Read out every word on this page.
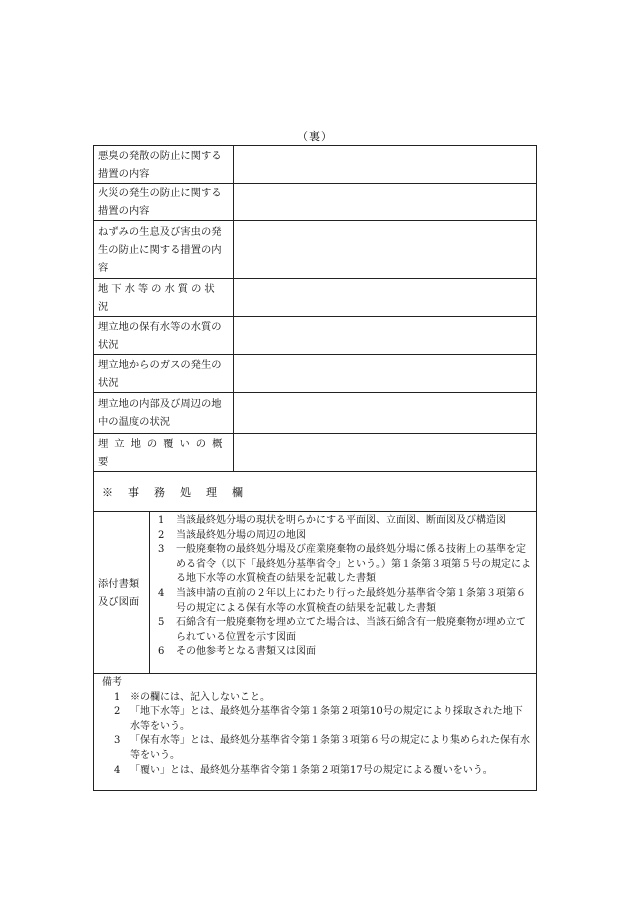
（裏）
悪臭の発散の防止に関する措置の内容
火災の発生の防止に関する措置の内容
ねずみの生息及び害虫の発生の防止に関する措置の内容
地下水等の水質の状況
埋立地の保有水等の水質の状況
埋立地からのガスの発生の状況
埋立地の内部及び周辺の地中の温度の状況
埋立地の覆いの概要
※事務処理欄
添付書類及び図面
1	当該最終処分場の現状を明らかにする平面図、立面図、断面図及び構造図
2	当該最終処分場の周辺の地図
3	一般廃棄物の最終処分場及び産業廃棄物の最終処分場に係る技術上の基準を定める省令（以下「最終処分基準省令」という。）第１条第３項第５号の規定による地下水等の水質検査の結果を記載した書類
4	当該申請の直前の２年以上にわたり行った最終処分基準省令第１条第３項第６号の規定による保有水等の水質検査の結果を記載した書類
5	石綿含有一般廃棄物を埋め立てた場合は、当該石綿含有一般廃棄物が埋め立てられている位置を示す図面
6	その他参考となる書類又は図面
備考
1 ※の欄には、記入しないこと。
2 「地下水等」とは、最終処分基準省令第１条第２項第10号の規定により採取された地下水等をいう。
3 「保有水等」とは、最終処分基準省令第１条第３項第６号の規定により集められた保有水等をいう。
4 「覆い」とは、最終処分基準省令第１条第２項第17号の規定による覆いをいう。
